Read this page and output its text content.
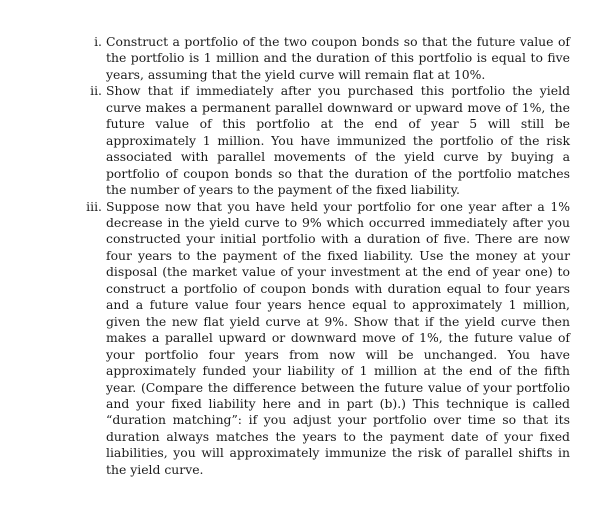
i. Construct a portfolio of the two coupon bonds so that the future value of the portfolio is 1 million and the duration of this portfolio is equal to five years, assuming that the yield curve will remain flat at 10%.
ii. Show that if immediately after you purchased this portfolio the yield curve makes a permanent parallel downward or upward move of 1%, the future value of this portfolio at the end of year 5 will still be approximately 1 million. You have immunized the portfolio of the risk associated with parallel movements of the yield curve by buying a portfolio of coupon bonds so that the duration of the portfolio matches the number of years to the payment of the fixed liability.
iii. Suppose now that you have held your portfolio for one year after a 1% decrease in the yield curve to 9% which occurred immediately after you constructed your initial portfolio with a duration of five. There are now four years to the payment of the fixed liability. Use the money at your disposal (the market value of your investment at the end of year one) to construct a portfolio of coupon bonds with duration equal to four years and a future value four years hence equal to approximately 1 million, given the new flat yield curve at 9%. Show that if the yield curve then makes a parallel upward or downward move of 1%, the future value of your portfolio four years from now will be unchanged. You have approximately funded your liability of 1 million at the end of the fifth year. (Compare the difference between the future value of your portfolio and your fixed liability here and in part (b).) This technique is called “duration matching”: if you adjust your portfolio over time so that its duration always matches the years to the payment date of your fixed liabilities, you will approximately immunize the risk of parallel shifts in the yield curve.
